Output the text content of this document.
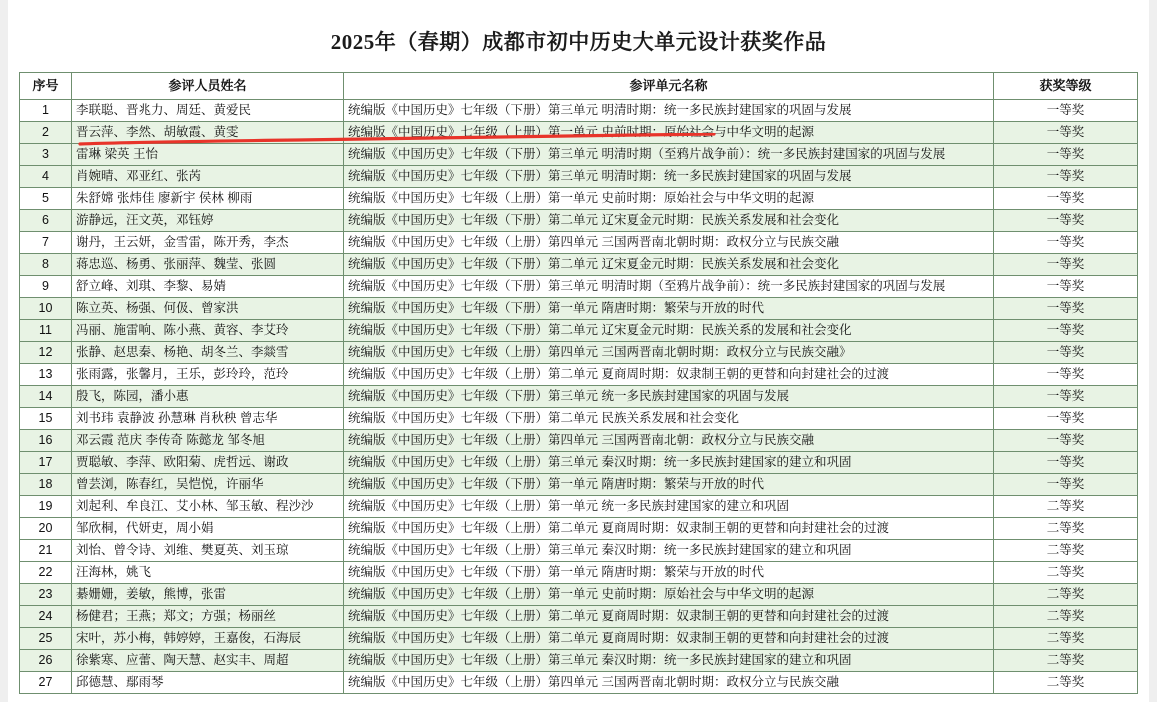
2025年（春期）成都市初中历史大单元设计获奖作品
序号	参评人员姓名	参评单元名称	获奖等级
1	李联聪、晋兆力、周廷、黄爱民	统编版《中国历史》七年级（下册）第三单元 明清时期：统一多民族封建国家的巩固与发展	一等奖
2	晋云萍、李然、胡敏霞、黄雯	统编版《中国历史》七年级（上册）第一单元 史前时期：原始社会与中华文明的起源	一等奖
3	雷琳 梁英 王怡	统编版《中国历史》七年级（下册）第三单元 明清时期（至鸦片战争前）：统一多民族封建国家的巩固与发展	一等奖
4	肖婉晴、邓亚红、张芮	统编版《中国历史》七年级（下册）第三单元 明清时期：统一多民族封建国家的巩固与发展	一等奖
5	朱舒嫦 张炜佳 廖新宇 侯林 柳雨	统编版《中国历史》七年级（上册）第一单元 史前时期：原始社会与中华文明的起源	一等奖
6	游静远，汪文英，邓钰婷	统编版《中国历史》七年级（下册）第二单元 辽宋夏金元时期：民族关系发展和社会变化	一等奖
7	谢丹，王云妍，金雪雷，陈开秀，李杰	统编版《中国历史》七年级（上册）第四单元 三国两晋南北朝时期：政权分立与民族交融	一等奖
8	蒋忠巡、杨勇、张丽萍、魏莹、张圆	统编版《中国历史》七年级（下册）第二单元 辽宋夏金元时期：民族关系发展和社会变化	一等奖
9	舒立峰、刘琪、李黎、易婧	统编版《中国历史》七年级（下册）第三单元 明清时期（至鸦片战争前）：统一多民族封建国家的巩固与发展	一等奖
10	陈立英、杨强、何伋、曾家洪	统编版《中国历史》七年级（下册）第一单元 隋唐时期：繁荣与开放的时代	一等奖
11	冯丽、施雷响、陈小燕、黄容、李艾玲	统编版《中国历史》七年级（下册）第二单元 辽宋夏金元时期：民族关系的发展和社会变化	一等奖
12	张静、赵思秦、杨艳、胡冬兰、李燚雪	统编版《中国历史》七年级（上册）第四单元 三国两晋南北朝时期：政权分立与民族交融》	一等奖
13	张雨露，张馨月，王乐，彭玲玲，范玲	统编版《中国历史》七年级（上册）第二单元 夏商周时期：奴隶制王朝的更替和向封建社会的过渡	一等奖
14	殷飞，陈园，潘小惠	统编版《中国历史》七年级（下册）第三单元 统一多民族封建国家的巩固与发展	一等奖
15	刘书玮 袁静波 孙慧琳 肖秋秧 曾志华	统编版《中国历史》七年级（下册）第二单元 民族关系发展和社会变化	一等奖
16	邓云霞 范庆 李传奇 陈懿龙 邹冬旭	统编版《中国历史》七年级（上册）第四单元 三国两晋南北朝：政权分立与民族交融	一等奖
17	贾聪敏、李萍、欧阳菊、虎哲远、谢政	统编版《中国历史》七年级（上册）第三单元 秦汉时期：统一多民族封建国家的建立和巩固	一等奖
18	曾芸浏，陈春红，吴恺悦，许丽华	统编版《中国历史》七年级（下册）第一单元 隋唐时期：繁荣与开放的时代	一等奖
19	刘起利、牟良江、艾小林、邹玉敏、程沙沙	统编版《中国历史》七年级（上册）第一单元 统一多民族封建国家的建立和巩固	二等奖
20	邹欣桐，代妍吏，周小娟	统编版《中国历史》七年级（上册）第二单元 夏商周时期：奴隶制王朝的更替和向封建社会的过渡	二等奖
21	刘怡、曾令诗、刘维、樊夏英、刘玉琼	统编版《中国历史》七年级（上册）第三单元 秦汉时期：统一多民族封建国家的建立和巩固	二等奖
22	汪海林，姚飞	统编版《中国历史》七年级（下册）第一单元 隋唐时期：繁荣与开放的时代	二等奖
23	綦姗姗，姜敏，熊博，张雷	统编版《中国历史》七年级（上册）第一单元 史前时期：原始社会与中华文明的起源	二等奖
24	杨健君；王燕；郑文；方强；杨丽丝	统编版《中国历史》七年级（上册）第二单元 夏商周时期：奴隶制王朝的更替和向封建社会的过渡	二等奖
25	宋叶，苏小梅，韩婷婷，王嘉俊，石海辰	统编版《中国历史》七年级（上册）第二单元 夏商周时期：奴隶制王朝的更替和向封建社会的过渡	二等奖
26	徐紫寒、应蕾、陶天慧、赵实丰、周超	统编版《中国历史》七年级（上册）第三单元 秦汉时期：统一多民族封建国家的建立和巩固	二等奖
27	邱德慧、鄢雨琴	统编版《中国历史》七年级（上册）第四单元 三国两晋南北朝时期：政权分立与民族交融	二等奖
